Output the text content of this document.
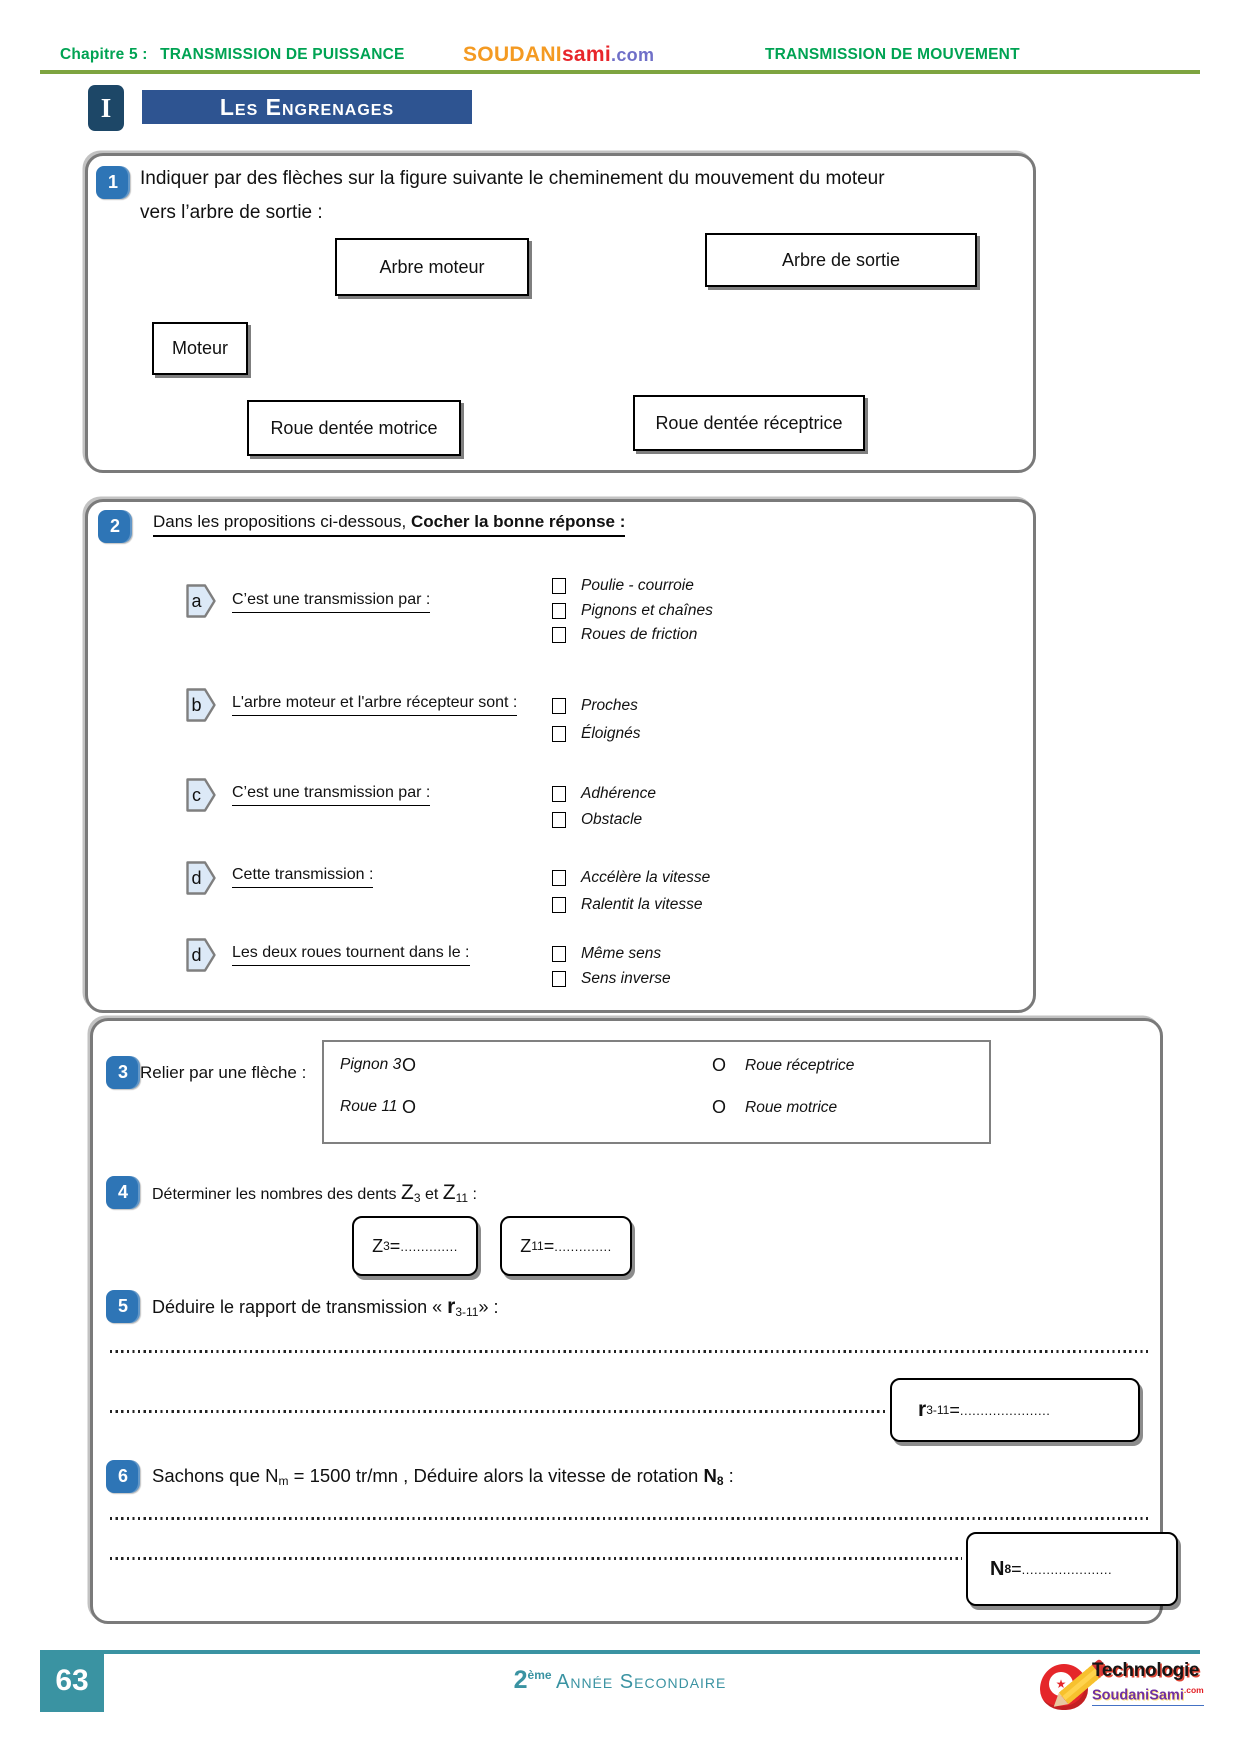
Chapitre 5 : TRANSMISSION DE PUISSANCE	SOUDANIsami.com	TRANSMISSION DE MOUVEMENT
I	Les Engrenages
1	Indiquer par des flèches sur la figure suivante le cheminement du mouvement du moteur vers l’arbre de sortie :
Arbre moteur	Arbre de sortie
Moteur
Roue dentée motrice	Roue dentée réceptrice
2	Dans les propositions ci-dessous, Cocher la bonne réponse :
a	C’est une transmission par :
Poulie - courroie
Pignons et chaînes
Roues de friction
b	L'arbre moteur et l'arbre récepteur sont :	Proches
Éloignés
c	C’est une transmission par :	Adhérence
Obstacle
d	Cette transmission :	Accélère la vitesse
Ralentit la vitesse
d	Les deux roues tournent dans le :	Même sens
Sens inverse
3 Relier par une flèche : Pignon 3 O	O Roue réceptrice
Roue 11 O	O Roue motrice
4	Déterminer les nombres des dents $Z_3$ et $Z_{11}$ :
Z 3 = ..............	Z 11 = ..............
5	Déduire le rapport de transmission « $r_{3-11}$» :
r 3-11 = ......................
6	Sachons que $N_m = 1500$ tr/mn , Déduire alors la vitesse de rotation $N_8$ :
N 8 = ......................
63	2ème Année Secondaire	★
Technologie
SoudaniSami$^{.com}$
